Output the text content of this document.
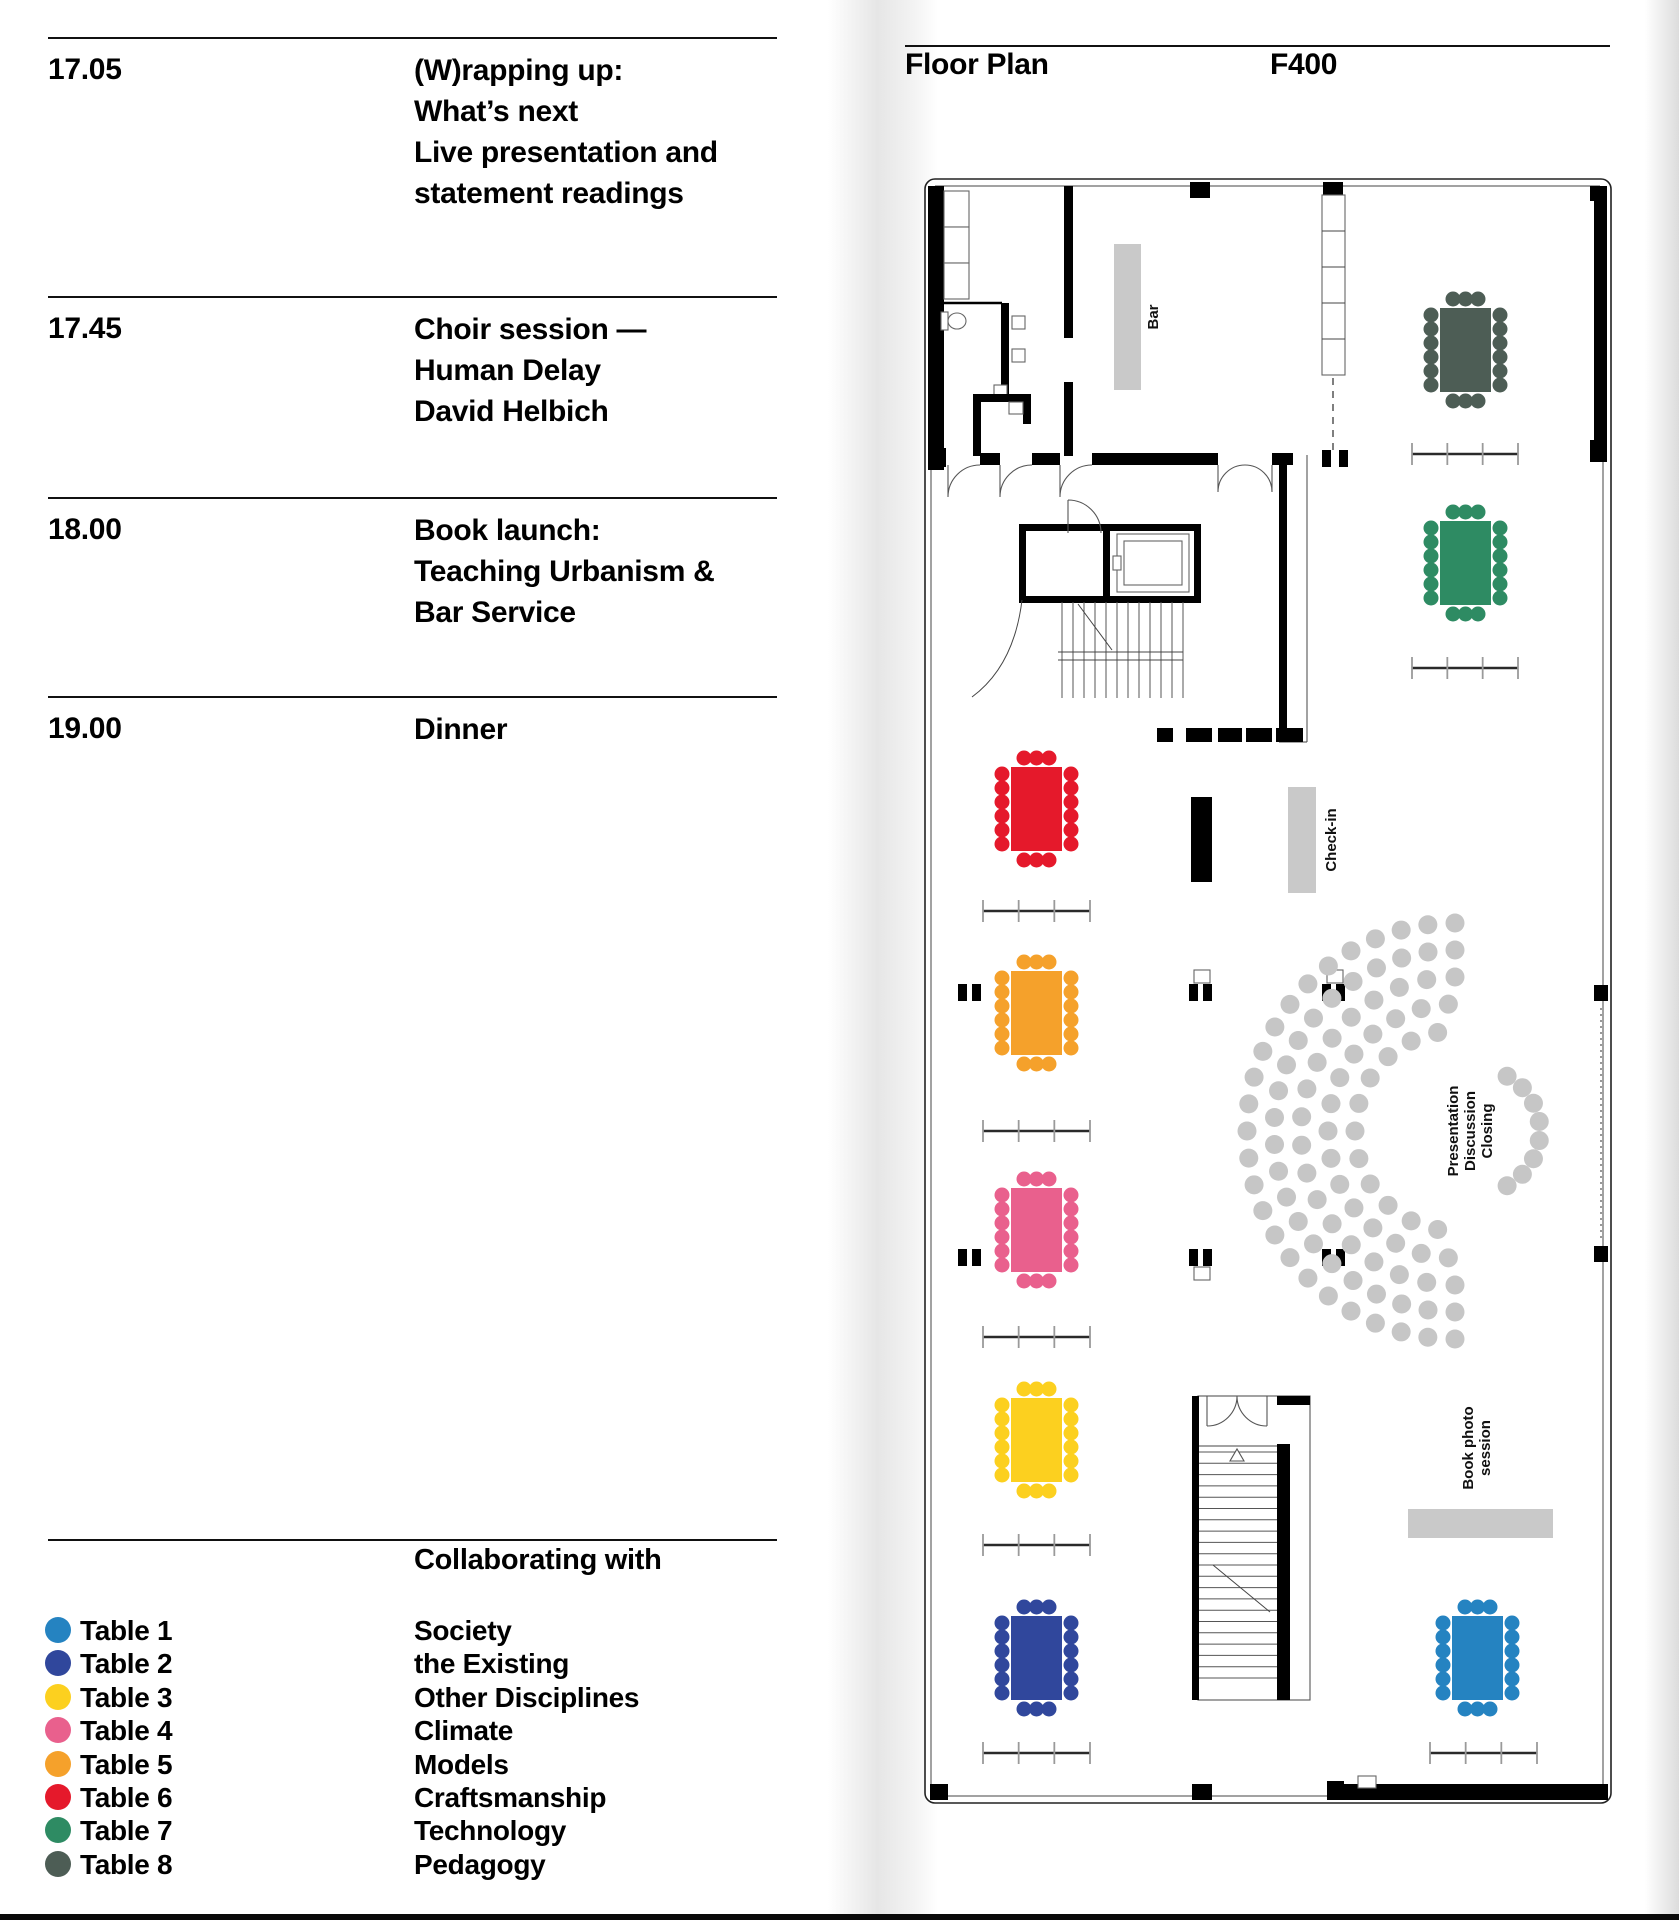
17.05	(W)rapping up:
What’s next
Live presentation and
statement readings
17.45	Choir session —
Human Delay
David Helbich
18.00	Book launch:
Teaching Urbanism &
Bar Service
19.00	Dinner
Collaborating with
Table 1	Society
Table 2	the Existing
Table 3	Other Disciplines
Table 4	Climate
Table 5	Models
Table 6	Craftsmanship
Table 7	Technology
Table 8	Pedagogy
Floor Plan	F400
Bar
Check-in
Presentation Discussion Closing
Book photo session
